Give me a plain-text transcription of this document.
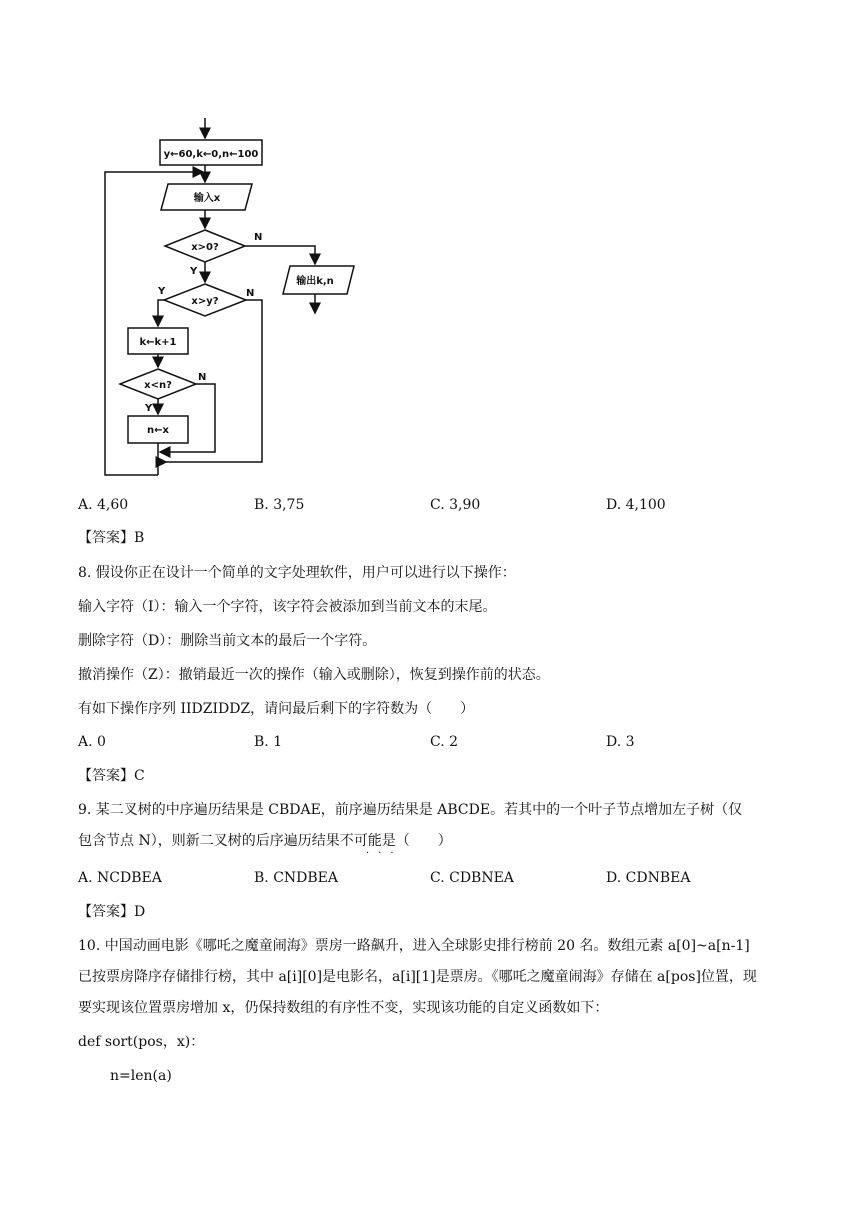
y←60,k←0,n←100
输入x
x>0?
N
输出k,n
Y
x>y?
Y	N
k←k+1
x<n?
N
Y
n←x
A. 4,60	B. 3,75	C. 3,90	D. 4,100
【答案】B
8. 假设你正在设计一个简单的文字处理软件，用户可以进行以下操作：
输入字符（I）：输入一个字符，该字符会被添加到当前文本的末尾。
删除字符（D）：删除当前文本的最后一个字符。
撤消操作（Z）：撤销最近一次的操作（输入或删除），恢复到操作前的状态。
有如下操作序列 IIDZIDDZ，请问最后剩下的字符数为（　　）
A. 0	B. 1	C. 2	D. 3
【答案】C
9. 某二叉树的中序遍历结果是 CBDAE，前序遍历结果是 ABCDE。若其中的一个叶子节点增加左子树（仅
包含节点 N），则新二叉树的后序遍历结果不可能是（　　）
···
A. NCDBEA	B. CNDBEA	C. CDBNEA	D. CDNBEA
【答案】D
10. 中国动画电影《哪吒之魔童闹海》票房一路飙升，进入全球影史排行榜前 20 名。数组元素 a[0]~a[n-1]
已按票房降序存储排行榜，其中 a[i][0]是电影名，a[i][1]是票房。《哪吒之魔童闹海》存储在 a[pos]位置，现
要实现该位置票房增加 x，仍保持数组的有序性不变，实现该功能的自定义函数如下：
def sort(pos，x)：
n=len(a)
